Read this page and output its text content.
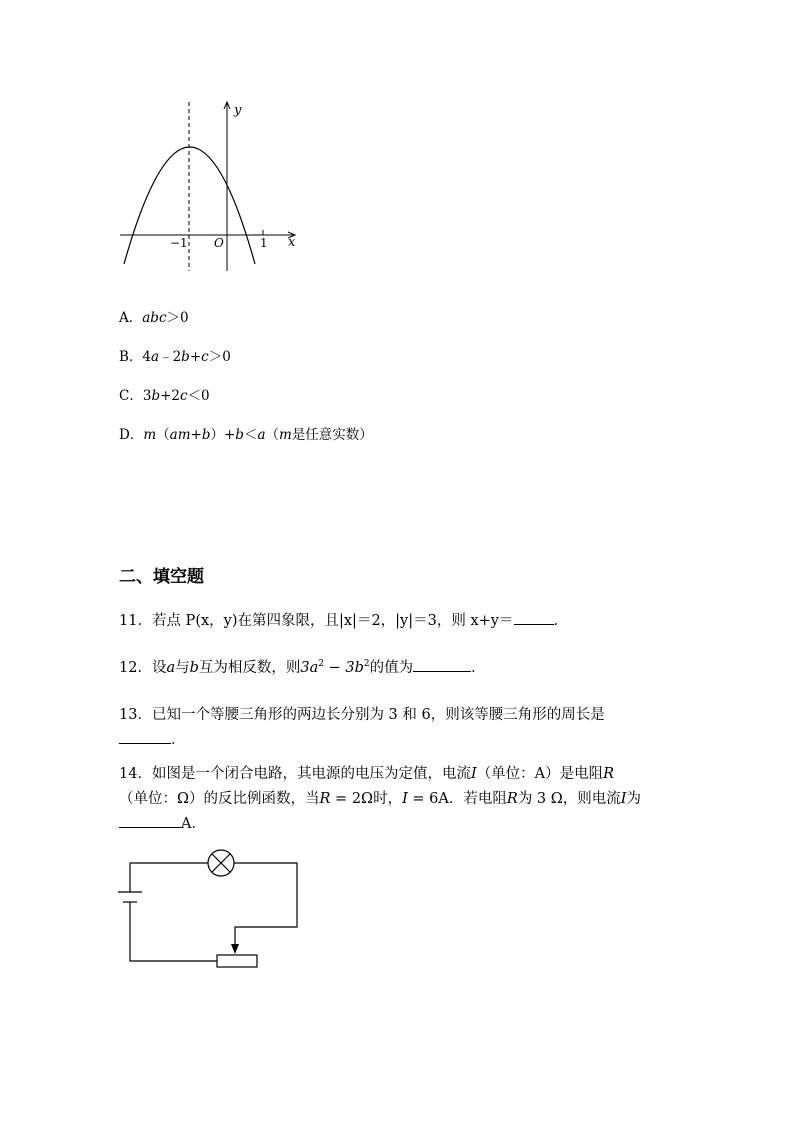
y
x
O
−1	1
A．abc＞0
B．4a﹣2b+c＞0
C．3b+2c＜0
D．m（am+b）+b＜a（m是任意实数）
二、填空题
11．若点 P(x，y)在第四象限，且|x|＝2，|y|＝3，则 x+y＝	．
12．设a与b互为相反数，则$3a^2 - 3b^2$的值为	．
13．已知一个等腰三角形的两边长分别为 3 和 6，则该等腰三角形的周长是
．
14．如图是一个闭合电路，其电源的电压为定值，电流I（单位：A）是电阻R
（单位：Ω）的反比例函数，当R = 2Ω时，I = 6A．若电阻R为 3 Ω，则电流I为
A．
